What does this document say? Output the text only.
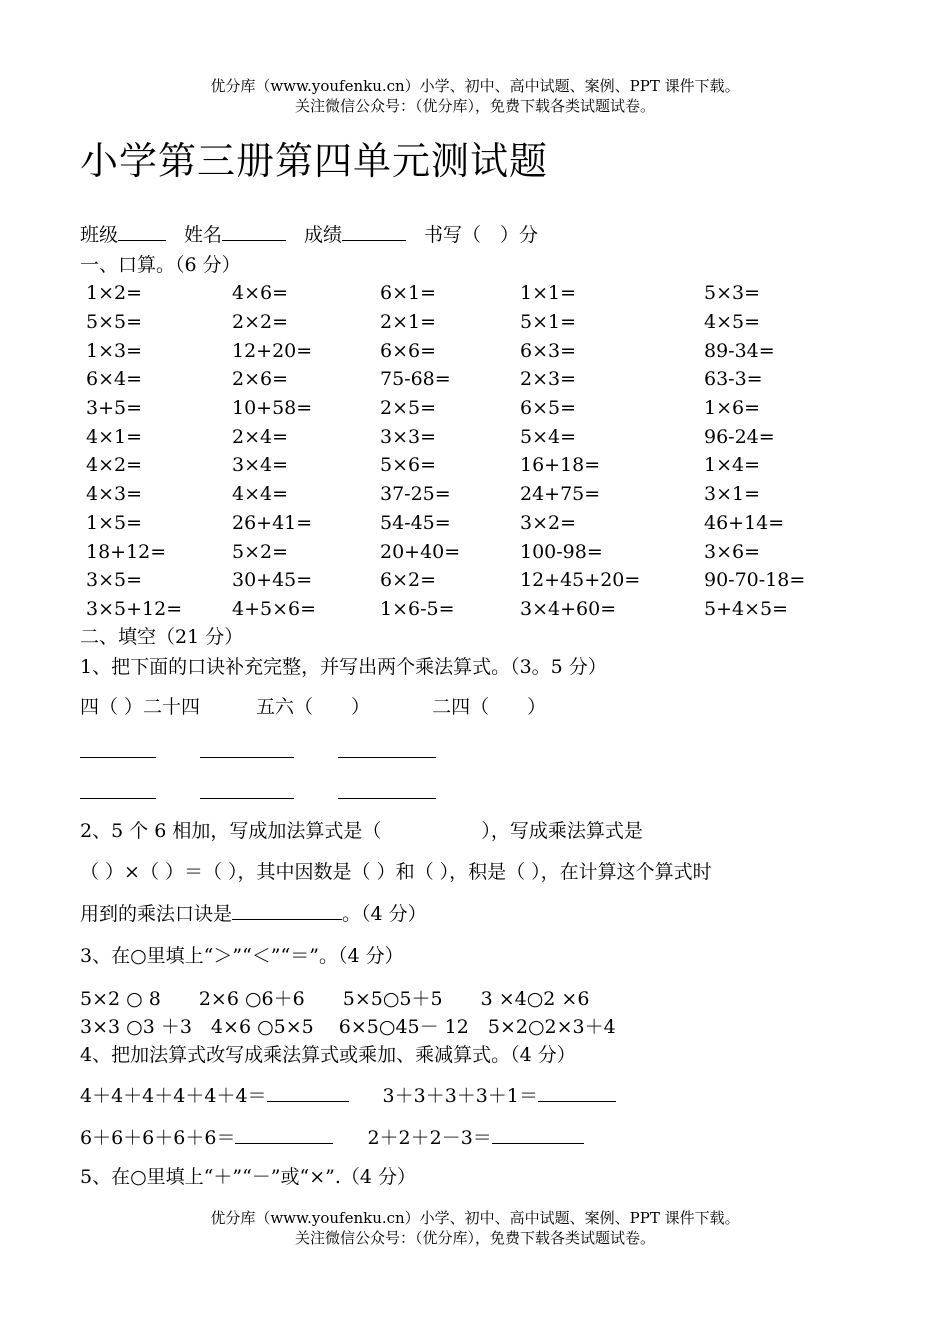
优分库（www.youfenku.cn）小学、初中、高中试题、案例、PPT 课件下载。
关注微信公众号：（优分库），免费下载各类试题试卷。
小学第三册第四单元测试题
班级	姓名	成绩	书写（　）分
一、口算。（6 分）
1×2=	4×6=	6×1=	1×1=	5×3=
5×5=	2×2=	2×1=	5×1=	4×5=
1×3=	12+20=	6×6=	6×3=	89-34=
6×4=	2×6=	75-68=	2×3=	63-3=
3+5=	10+58=	2×5=	6×5=	1×6=
4×1=	2×4=	3×3=	5×4=	96-24=
4×2=	3×4=	5×6=	16+18=	1×4=
4×3=	4×4=	37-25=	24+75=	3×1=
1×5=	26+41=	54-45=	3×2=	46+14=
18+12=	5×2=	20+40=	100-98=	3×6=
3×5=	30+45=	6×2=	12+45+20=	90-70-18=
3×5+12=	4+5×6=	1×6-5=	3×4+60=	5+4×5=
二、填空（21 分）
1、把下面的口诀补充完整，并写出两个乘法算式。（3。5 分）
四（ ）二十四	五六（　　）	二四（　　）
2、5 个 6 相加，写成加法算式是（	），写成乘法算式是
（ ）×（ ）＝（ ），其中因数是（ ）和（ ），积是（ ），在计算这个算式时
用到的乘法口诀是	。（4 分）
3、在○里填上“＞”“＜”“＝”。（4 分）
5×2 ○ 8　　2×6 ○6＋6　　5×5○5＋5　　3 ×4○2 ×6
3×3 ○3 ＋3　4×6 ○5×5　 6×5○45－ 12　5×2○2×3＋4
4、把加法算式改写成乘法算式或乘加、乘减算式。（4 分）
4＋4＋4＋4＋4＋4＝	3＋3＋3＋3＋1＝
6＋6＋6＋6＋6＝	2＋2＋2－3＝
5、在○里填上“＋”“－”或“×”.（4 分）
优分库（www.youfenku.cn）小学、初中、高中试题、案例、PPT 课件下载。
关注微信公众号：（优分库），免费下载各类试题试卷。
